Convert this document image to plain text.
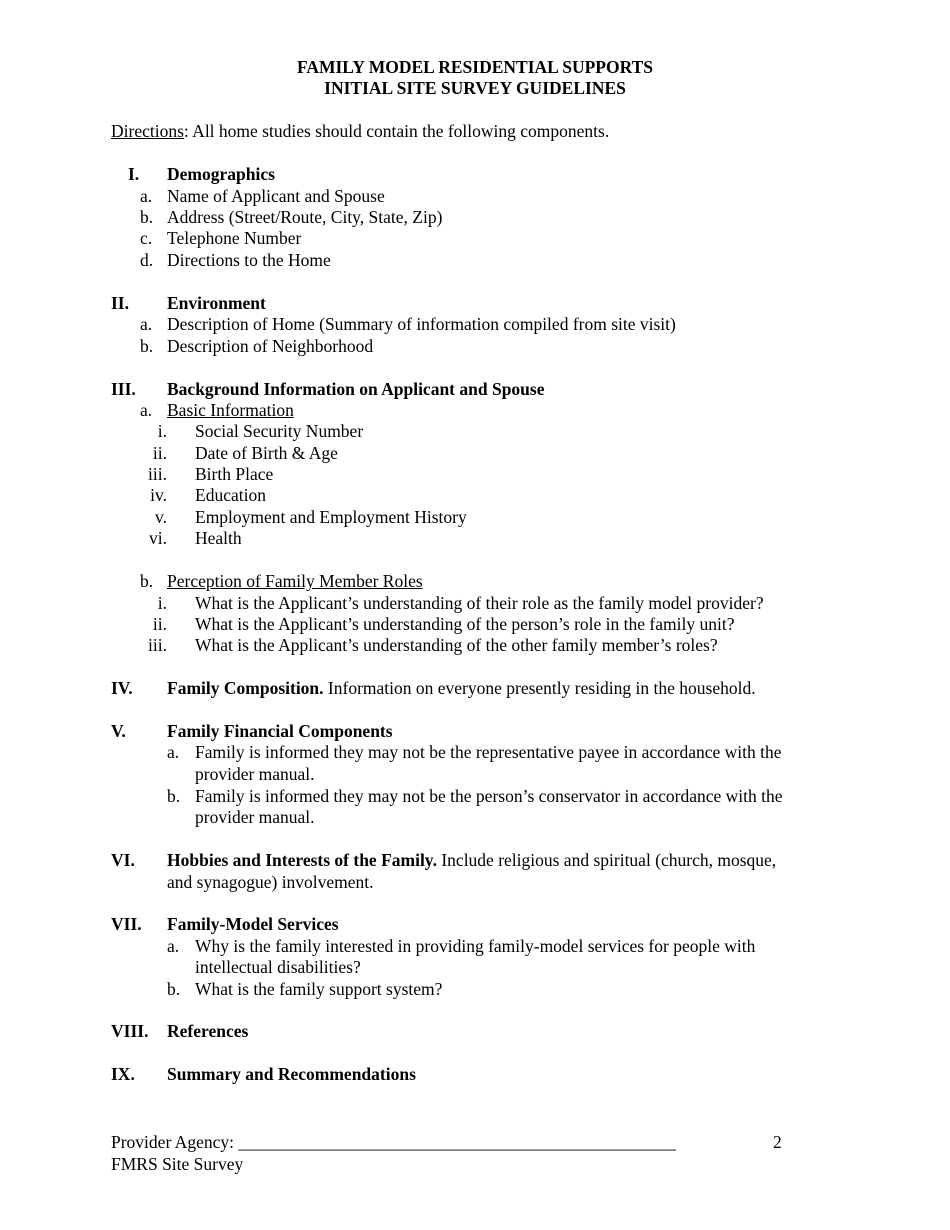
FAMILY MODEL RESIDENTIAL SUPPORTS
INITIAL SITE SURVEY GUIDELINES
Directions: All home studies should contain the following components.
I. Demographics
a. Name of Applicant and Spouse
b. Address (Street/Route, City, State, Zip)
c. Telephone Number
d. Directions to the Home
II. Environment
a. Description of Home (Summary of information compiled from site visit)
b. Description of Neighborhood
III. Background Information on Applicant and Spouse
a. Basic Information
i. Social Security Number
ii. Date of Birth & Age
iii. Birth Place
iv. Education
v. Employment and Employment History
vi. Health
b. Perception of Family Member Roles
i. What is the Applicant’s understanding of their role as the family model provider?
ii. What is the Applicant’s understanding of the person’s role in the family unit?
iii. What is the Applicant’s understanding of the other family member’s roles?
IV. Family Composition. Information on everyone presently residing in the household.
V. Family Financial Components
a. Family is informed they may not be the representative payee in accordance with the
provider manual.
b. Family is informed they may not be the person’s conservator in accordance with the
provider manual.
VI. Hobbies and Interests of the Family. Include religious and spiritual (church, mosque,
and synagogue) involvement.
VII. Family-Model Services
a. Why is the family interested in providing family-model services for people with
intellectual disabilities?
b. What is the family support system?
VIII. References
IX. Summary and Recommendations
Provider Agency: __________________________________________________	2
FMRS Site Survey
